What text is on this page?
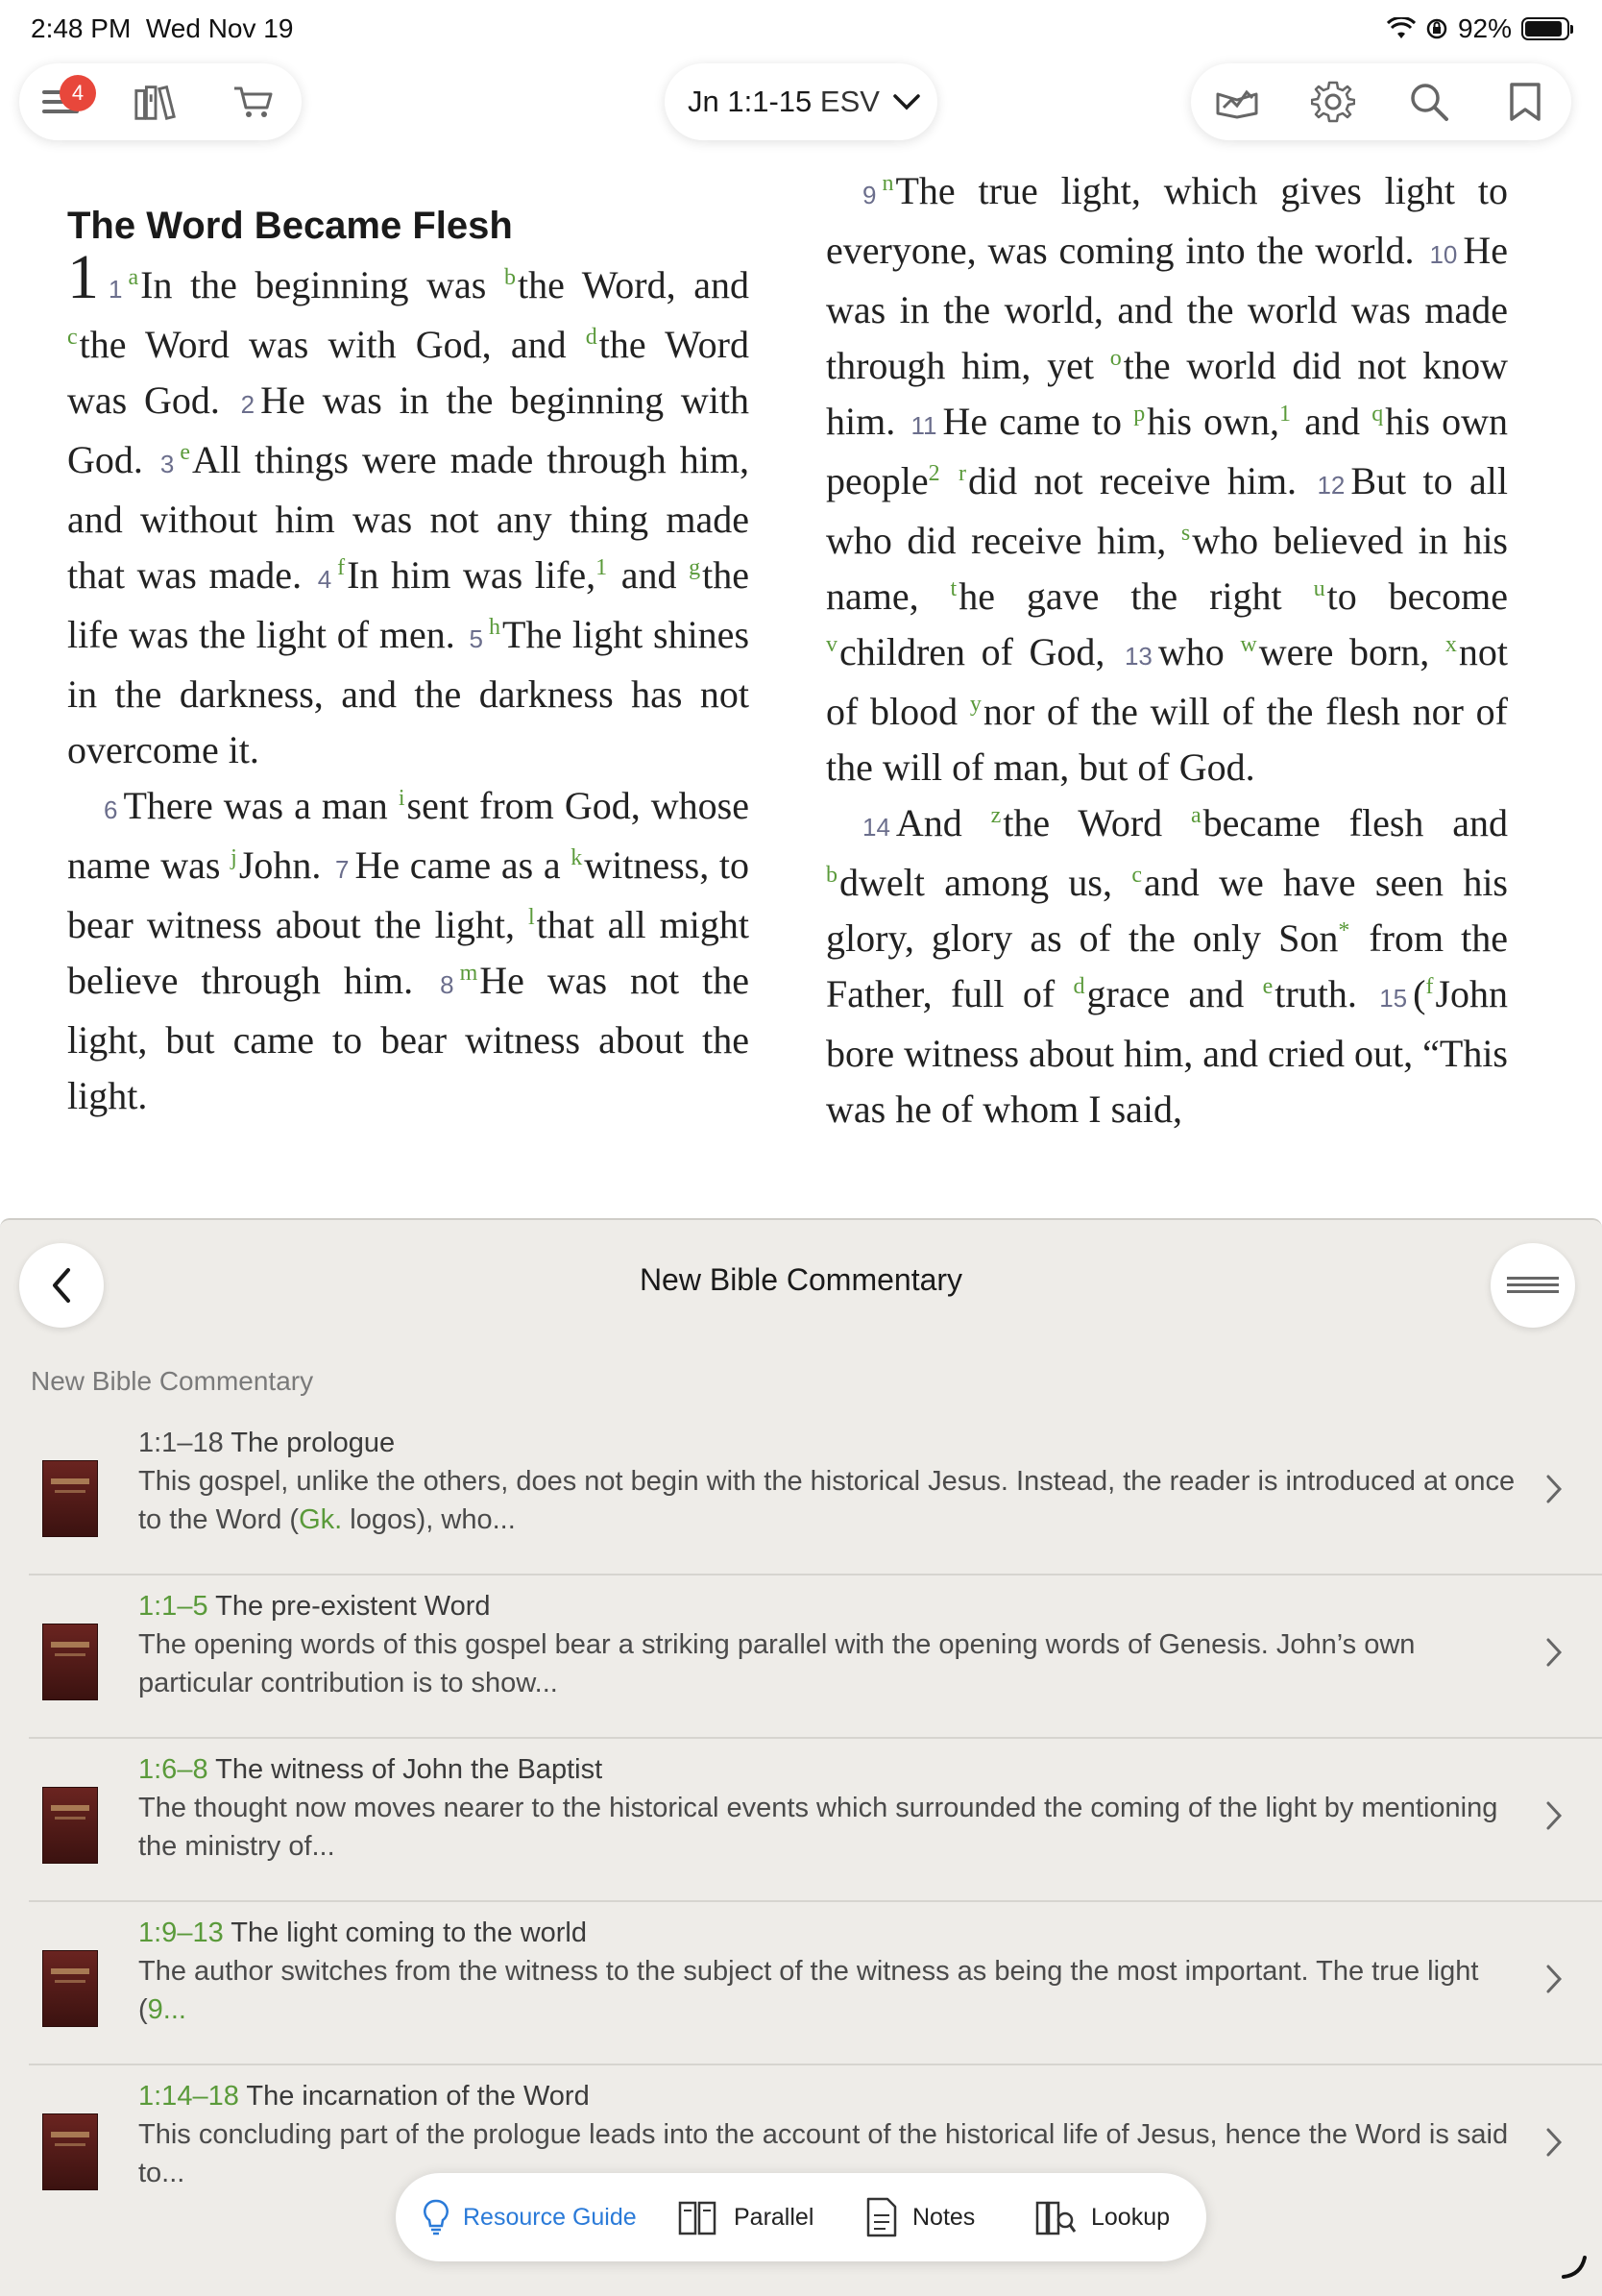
2:48 PM Wed Nov 19	92%
4	Jn 1:1-15 ESV
The Word Became Flesh

1 1 $^a$In the beginning was $^b$the Word, and $^c$the Word was with God, and $^d$the Word was God. 2 He was in the beginning with God. 3 $^e$All things were made through him, and without him was not any thing made that was made. 4 $^f$In him was life,$^1$ and $^g$the life was the light of men. 5 $^h$The light shines in the darkness, and the darkness has not overcome it.

6 There was a man $^i$sent from God, whose name was $^j$John. 7 He came as a $^k$witness, to bear witness about the light, $^l$that all might believe through him. 8 $^m$He was not the light, but came to bear witness about the light.

9 $^n$The true light, which gives light to everyone, was coming into the world. 10 He was in the world, and the world was made through him, yet $^o$the world did not know him. 11 He came to $^p$his own,$^1$ and $^q$his own people$^2$ $^r$did not receive him. 12 But to all who did receive him, $^s$who believed in his name, $^t$he gave the right $^u$to become $^v$children of God, 13 who $^w$were born, $^x$not of blood $^y$nor of the will of the flesh nor of the will of man, but of God.

14 And $^z$the Word $^a$became flesh and $^b$dwelt among us, $^c$and we have seen his glory, glory as of the only Son* from the Father, full of $^d$grace and $^e$truth. 15 ($^f$John bore witness about him, and cried out, “This was he of whom I said,

New Bible Commentary
New Bible Commentary
1:1–18 The prologue
This gospel, unlike the others, does not begin with the historical Jesus. Instead, the reader is introduced at once to the Word (Gk. logos), who...
1:1–5 The pre-existent Word
The opening words of this gospel bear a striking parallel with the opening words of Genesis. John’s own particular contribution is to show...
1:6–8 The witness of John the Baptist
The thought now moves nearer to the historical events which surrounded the coming of the light by mentioning the ministry of...
1:9–13 The light coming to the world
The author switches from the witness to the subject of the witness as being the most important. The true light (9...
1:14–18 The incarnation of the Word
This concluding part of the prologue leads into the account of the historical life of Jesus, hence the Word is said to...
Resource Guide	Parallel	Notes	Lookup
